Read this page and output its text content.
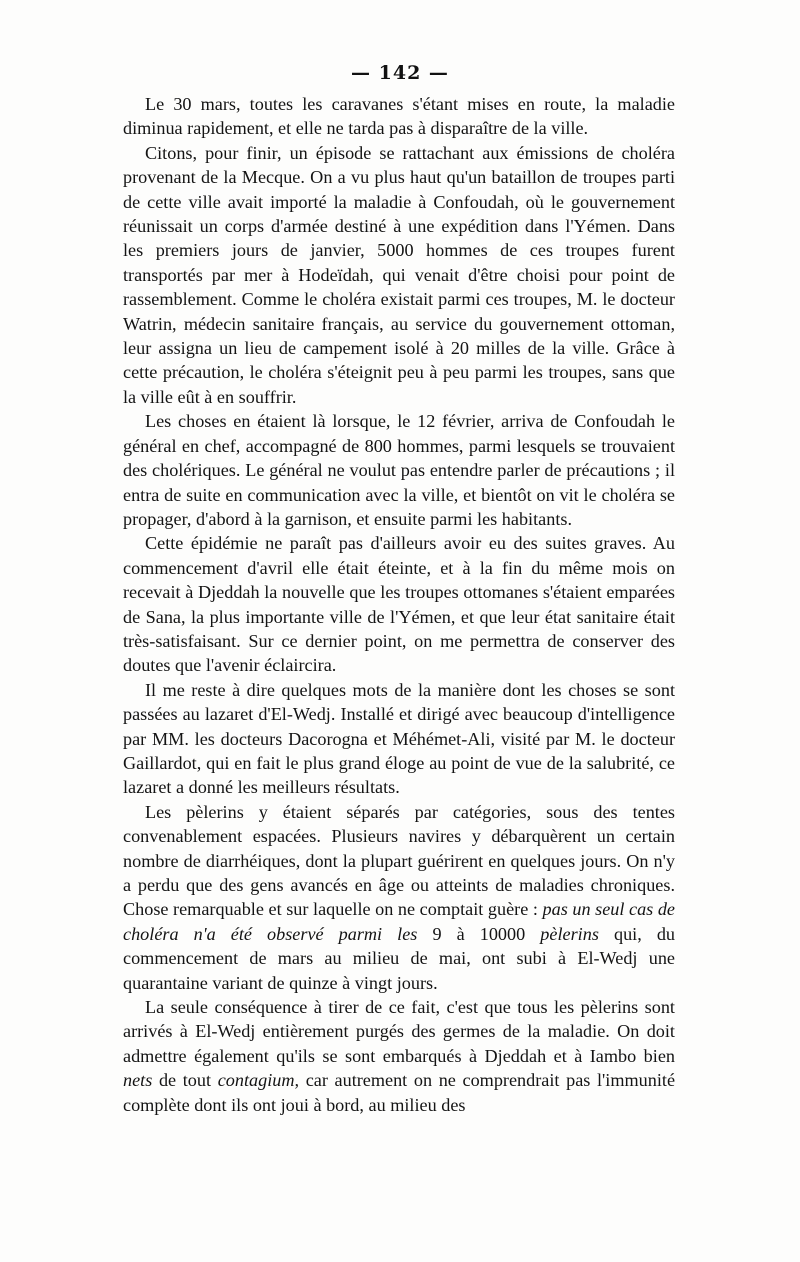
— 142 —

Le 30 mars, toutes les caravanes s'étant mises en route, la maladie diminua rapidement, et elle ne tarda pas à disparaître de la ville.

Citons, pour finir, un épisode se rattachant aux émissions de choléra provenant de la Mecque. On a vu plus haut qu'un bataillon de troupes parti de cette ville avait importé la maladie à Confoudah, où le gouvernement réunissait un corps d'armée destiné à une expédition dans l'Yémen. Dans les premiers jours de janvier, 5000 hommes de ces troupes furent transportés par mer à Hodeïdah, qui venait d'être choisi pour point de rassemblement. Comme le choléra existait parmi ces troupes, M. le docteur Watrin, médecin sanitaire français, au service du gouvernement ottoman, leur assigna un lieu de campement isolé à 20 milles de la ville. Grâce à cette précaution, le choléra s'éteignit peu à peu parmi les troupes, sans que la ville eût à en souffrir.

Les choses en étaient là lorsque, le 12 février, arriva de Confoudah le général en chef, accompagné de 800 hommes, parmi lesquels se trouvaient des cholériques. Le général ne voulut pas entendre parler de précautions ; il entra de suite en communication avec la ville, et bientôt on vit le choléra se propager, d'abord à la garnison, et ensuite parmi les habitants.

Cette épidémie ne paraît pas d'ailleurs avoir eu des suites graves. Au commencement d'avril elle était éteinte, et à la fin du même mois on recevait à Djeddah la nouvelle que les troupes ottomanes s'étaient emparées de Sana, la plus importante ville de l'Yémen, et que leur état sanitaire était très-satisfaisant. Sur ce dernier point, on me permettra de conserver des doutes que l'avenir éclaircira.

Il me reste à dire quelques mots de la manière dont les choses se sont passées au lazaret d'El-Wedj. Installé et dirigé avec beaucoup d'intelligence par MM. les docteurs Dacorogna et Méhémet-Ali, visité par M. le docteur Gaillardot, qui en fait le plus grand éloge au point de vue de la salubrité, ce lazaret a donné les meilleurs résultats.

Les pèlerins y étaient séparés par catégories, sous des tentes convenablement espacées. Plusieurs navires y débarquèrent un certain nombre de diarrhéiques, dont la plupart guérirent en quelques jours. On n'y a perdu que des gens avancés en âge ou atteints de maladies chroniques. Chose remarquable et sur laquelle on ne comptait guère : pas un seul cas de choléra n'a été observé parmi les 9 à 10000 pèlerins qui, du commencement de mars au milieu de mai, ont subi à El-Wedj une quarantaine variant de quinze à vingt jours.

La seule conséquence à tirer de ce fait, c'est que tous les pèlerins sont arrivés à El-Wedj entièrement purgés des germes de la maladie. On doit admettre également qu'ils se sont embarqués à Djeddah et à Iambo bien nets de tout contagium, car autrement on ne comprendrait pas l'immunité complète dont ils ont joui à bord, au milieu des
